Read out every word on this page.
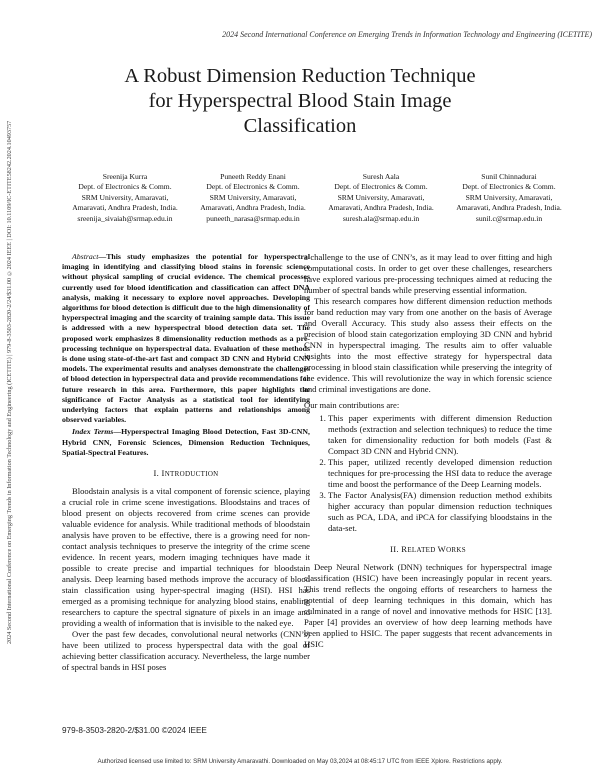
2024 Second International Conference on Emerging Trends in Information Technology and Engineering (ICETITE)
2024 Second International Conference on Emerging Trends in Information Technology and Engineering (ICETITE) | 979-8-3503-2820-2/24/$31.00 ©2024 IEEE | DOI: 10.1109/IC-ETITE58242.2024.10493757
A Robust Dimension Reduction Technique
for Hyperspectral Blood Stain Image
Classification
Sreenija Kurra
Dept. of Electronics & Comm.
SRM University, Amaravati,
Amaravati, Andhra Pradesh, India.
sreenija_sivaiah@srmap.edu.in
Puneeth Reddy Enani
Dept. of Electronics & Comm.
SRM University, Amaravati,
Amaravati, Andhra Pradesh, India.
puneeth_narasa@srmap.edu.in
Suresh Aala
Dept. of Electronics & Comm.
SRM University, Amaravati,
Amaravati, Andhra Pradesh, India.
suresh.ala@srmap.edu.in
Sunil Chinnadurai
Dept. of Electronics & Comm.
SRM University, Amaravati,
Amaravati, Andhra Pradesh, India.
sunil.c@srmap.edu.in

Abstract—This study emphasizes the potential for hyperspectral imaging in identifying and classifying blood stains in forensic science without physical sampling of crucial evidence. The chemical processes currently used for blood identification and classification can affect DNA analysis, making it necessary to explore novel approaches. Developing algorithms for blood detection is difficult due to the high dimensionality of hyperspectral imaging and the scarcity of training sample data. This issue is addressed with a new hyperspectral blood detection data set. The proposed work emphasizes 8 dimensionality reduction methods as a pre-processing technique on hyperspectral data. Evaluation of these methods is done using state-of-the-art fast and compact 3D CNN and Hybrid CNN models. The experimental results and analyses demonstrate the challenges of blood detection in hyperspectral data and provide recommendations for future research in this area. Furthermore, this paper highlights the significance of Factor Analysis as a statistical tool for identifying underlying factors that explain patterns and relationships among observed variables.

Index Terms—Hyperspectral Imaging Blood Detection, Fast 3D-CNN, Hybrid CNN, Forensic Sciences, Dimension Reduction Techniques, Spatial-Spectral Features.

I. INTRODUCTION

Bloodstain analysis is a vital component of forensic science, playing a crucial role in crime scene investigations. Bloodstains and traces of blood present on objects recovered from crime scenes can provide valuable evidence for analysis. While traditional methods of bloodstain analysis have proven to be effective, there is a growing need for non-contact analysis techniques to preserve the integrity of the crime scene evidence. In recent years, modern imaging techniques have made it possible to create precise and impartial techniques for bloodstain analysis. Deep learning based methods improve the accuracy of blood stain classification using hyper-spectral imaging (HSI). HSI has emerged as a promising technique for analyzing blood stains, enabling researchers to capture the spectral signature of pixels in an image and providing a wealth of information that is invisible to the naked eye.

Over the past few decades, convolutional neural networks (CNN’s) have been utilized to process hyperspectral data with the goal of achieving better classification accuracy. Nevertheless, the large number of spectral bands in HSI poses

a challenge to the use of CNN’s, as it may lead to over fitting and high computational costs. In order to get over these challenges, researchers have explored various pre-processing techniques aimed at reducing the number of spectral bands while preserving essential information.

This research compares how different dimension reduction methods for band reduction may vary from one another on the basis of Average and Overall Accuracy. This study also assess their effects on the precision of blood stain categorization employing 3D CNN and hybrid CNN in hyperspectral imaging. The results aim to offer valuable insights into the most effective strategy for hyperspectral data processing in blood stain classification while preserving the integrity of the evidence. This will revolutionize the way in which forensic science and criminal investigations are done.

Our main contributions are:

1. This paper experiments with different dimension Reduction methods (extraction and selection techniques) to reduce the time taken for dimensionality reduction for both models (Fast & Compact 3D CNN and Hybrid CNN).
2. This paper, utilized recently developed dimension reduction techniques for pre-processing the HSI data to reduce the average time and boost the performance of the Deep Learning models.
3. The Factor Analysis(FA) dimension reduction method exhibits higher accuracy than popular dimension reduction techniques such as PCA, LDA, and iPCA for classifying bloodstains in the data-set.

II. RELATED WORKS

Deep Neural Network (DNN) techniques for hyperspectral image classification (HSIC) have been increasingly popular in recent years. This trend reflects the ongoing efforts of researchers to harness the potential of deep learning techniques in this domain, which has culminated in a range of novel and innovative methods for HSIC [13]. Paper [4] provides an overview of how deep learning methods have been applied to HSIC. The paper suggests that recent advancements in HSIC

979-8-3503-2820-2/$31.00 ©2024 IEEE
Authorized licensed use limited to: SRM University Amaravathi. Downloaded on May 03,2024 at 08:45:17 UTC from IEEE Xplore. Restrictions apply.
